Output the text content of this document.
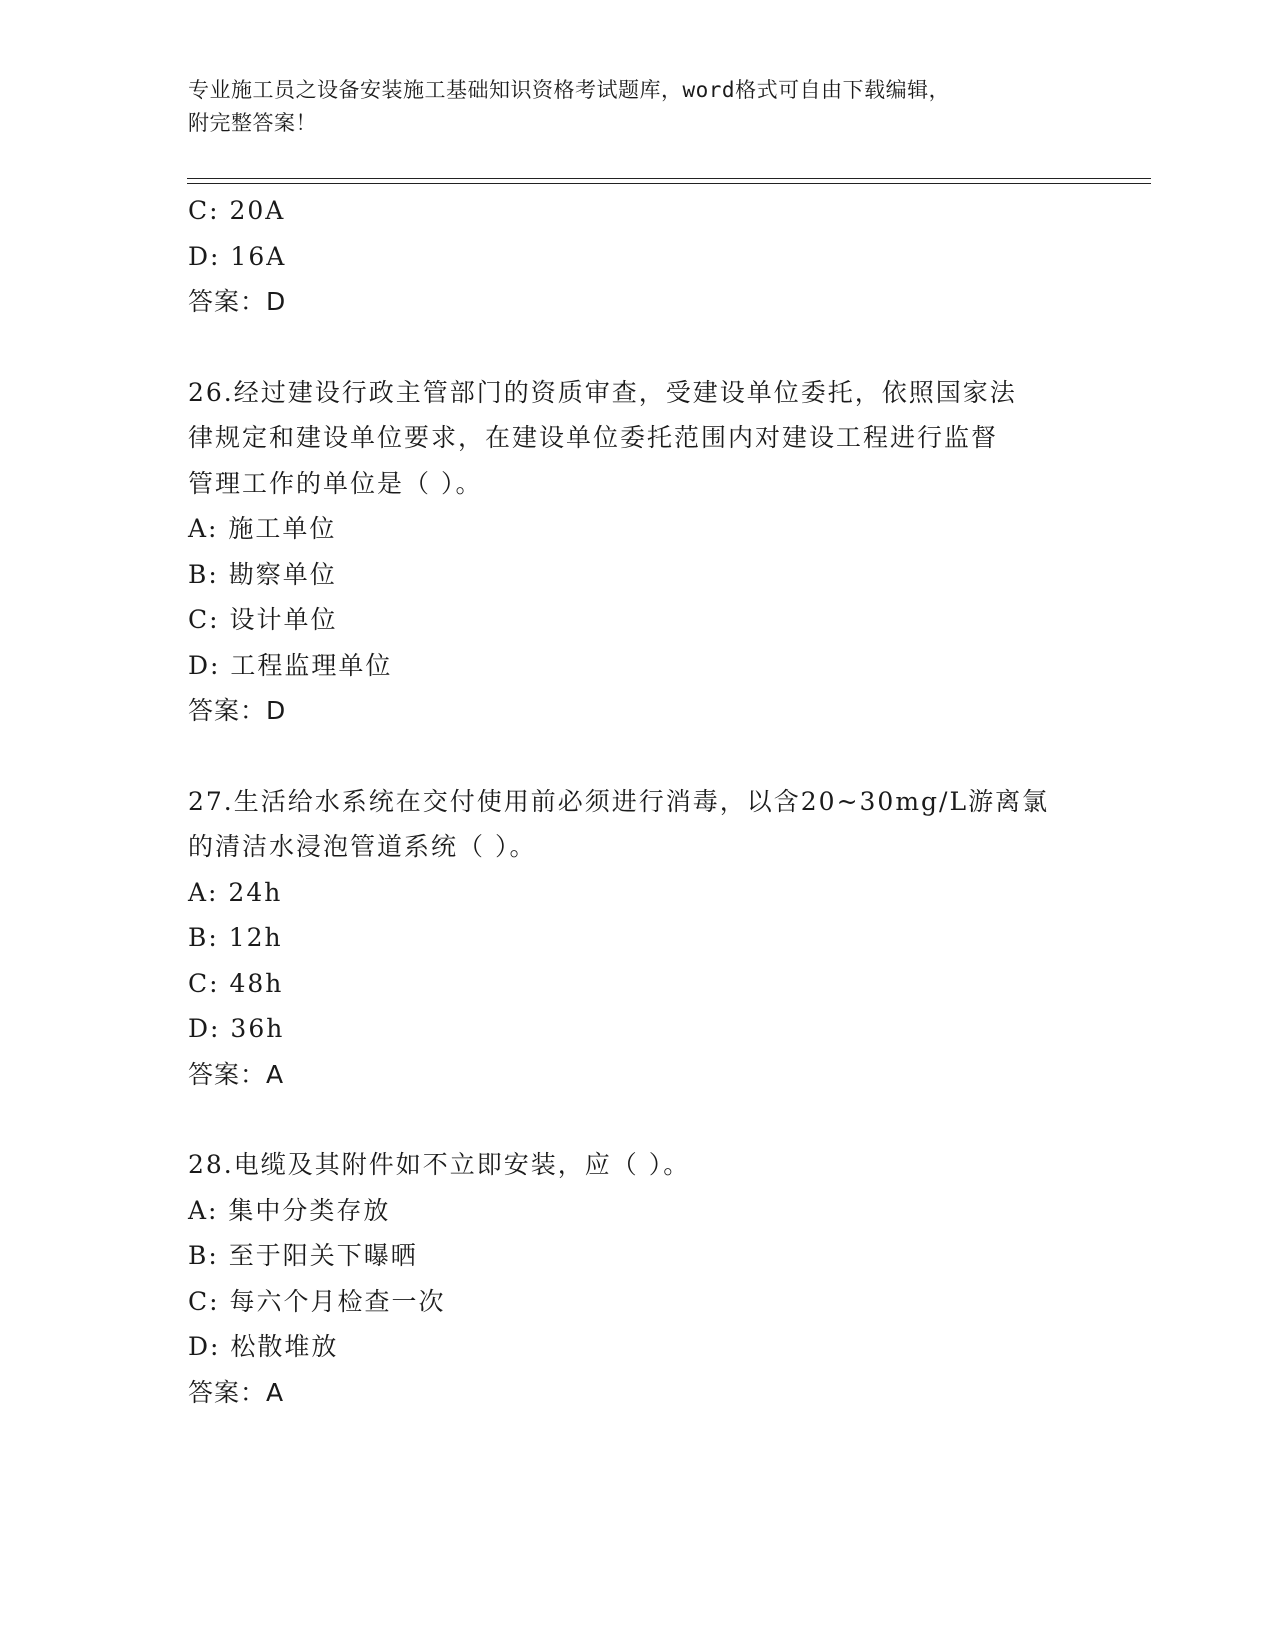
专业施工员之设备安装施工基础知识资格考试题库，word格式可自由下载编辑，
附完整答案！
C: 20A
D: 16A
答案：D
26.经过建设行政主管部门的资质审查，受建设单位委托，依照国家法
律规定和建设单位要求，在建设单位委托范围内对建设工程进行监督
管理工作的单位是（ ）。
A: 施工单位
B: 勘察单位
C: 设计单位
D: 工程监理单位
答案：D
27.生活给水系统在交付使用前必须进行消毒，以含20~30mg/L游离氯
的清洁水浸泡管道系统（ ）。
A: 24h
B: 12h
C: 48h
D: 36h
答案：A
28.电缆及其附件如不立即安装，应（ ）。
A: 集中分类存放
B: 至于阳关下曝晒
C: 每六个月检查一次
D: 松散堆放
答案：A
